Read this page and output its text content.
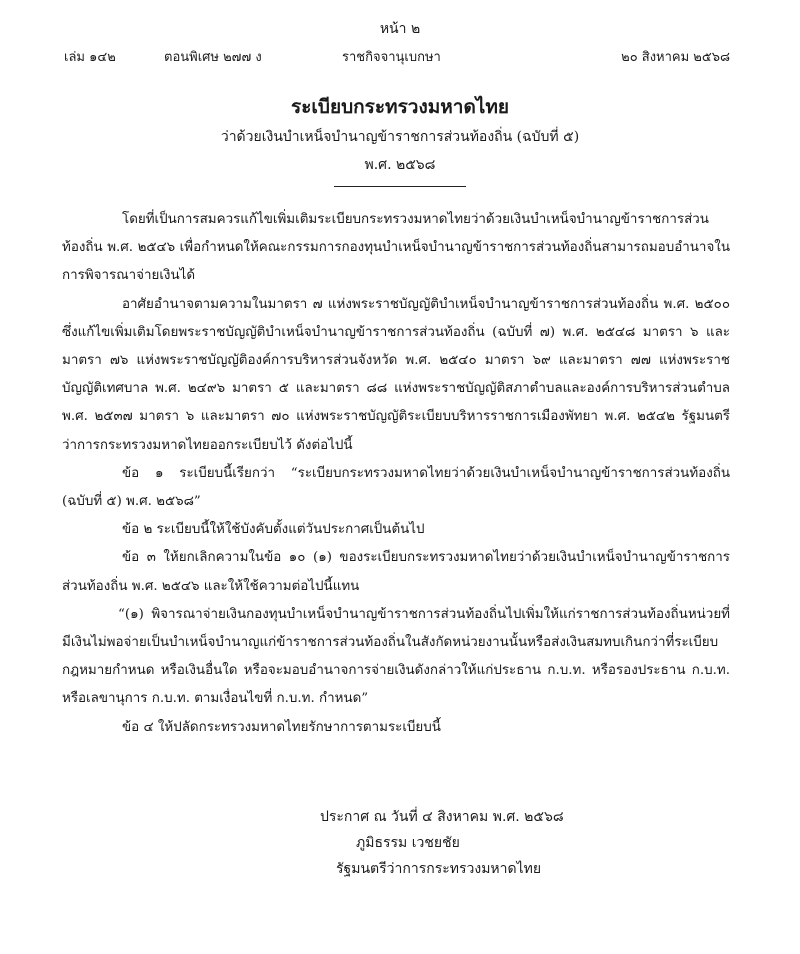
หน้า ๒
เล่ม ๑๔๒	ตอนพิเศษ ๒๗๗ ง	ราชกิจจานุเบกษา	๒๐ สิงหาคม ๒๕๖๘
ระเบียบกระทรวงมหาดไทย
ว่าด้วยเงินบำเหน็จบำนาญข้าราชการส่วนท้องถิ่น (ฉบับที่ ๕)
พ.ศ. ๒๕๖๘

โดยที่เป็นการสมควรแก้ไขเพิ่มเติมระเบียบกระทรวงมหาดไทยว่าด้วยเงินบำเหน็จบำนาญข้าราชการส่วนท้องถิ่น พ.ศ. ๒๕๔๖ เพื่อกำหนดให้คณะกรรมการกองทุนบำเหน็จบำนาญข้าราชการส่วนท้องถิ่นสามารถมอบอำนาจในการพิจารณาจ่ายเงินได้

อาศัยอำนาจตามความในมาตรา ๗ แห่งพระราชบัญญัติบำเหน็จบำนาญข้าราชการส่วนท้องถิ่น พ.ศ. ๒๕๐๐ ซึ่งแก้ไขเพิ่มเติมโดยพระราชบัญญัติบำเหน็จบำนาญข้าราชการส่วนท้องถิ่น (ฉบับที่ ๗) พ.ศ. ๒๕๔๘ มาตรา ๖ และมาตรา ๗๖ แห่งพระราชบัญญัติองค์การบริหารส่วนจังหวัด พ.ศ. ๒๕๔๐ มาตรา ๖๙ และมาตรา ๗๗ แห่งพระราชบัญญัติเทศบาล พ.ศ. ๒๔๙๖ มาตรา ๕ และมาตรา ๘๘ แห่งพระราชบัญญัติสภาตำบลและองค์การบริหารส่วนตำบล พ.ศ. ๒๕๓๗ มาตรา ๖ และมาตรา ๗๐ แห่งพระราชบัญญัติระเบียบบริหารราชการเมืองพัทยา พ.ศ. ๒๕๔๒ รัฐมนตรีว่าการกระทรวงมหาดไทยออกระเบียบไว้ ดังต่อไปนี้

ข้อ ๑ ระเบียบนี้เรียกว่า “ระเบียบกระทรวงมหาดไทยว่าด้วยเงินบำเหน็จบำนาญข้าราชการส่วนท้องถิ่น (ฉบับที่ ๕) พ.ศ. ๒๕๖๘”

ข้อ ๒ ระเบียบนี้ให้ใช้บังคับตั้งแต่วันประกาศเป็นต้นไป

ข้อ ๓ ให้ยกเลิกความในข้อ ๑๐ (๑) ของระเบียบกระทรวงมหาดไทยว่าด้วยเงินบำเหน็จบำนาญข้าราชการส่วนท้องถิ่น พ.ศ. ๒๕๔๖ และให้ใช้ความต่อไปนี้แทน

“(๑) พิจารณาจ่ายเงินกองทุนบำเหน็จบำนาญข้าราชการส่วนท้องถิ่นไปเพิ่มให้แก่ราชการส่วนท้องถิ่นหน่วยที่มีเงินไม่พอจ่ายเป็นบำเหน็จบำนาญแก่ข้าราชการส่วนท้องถิ่นในสังกัดหน่วยงานนั้นหรือส่งเงินสมทบเกินกว่าที่ระเบียบกฎหมายกำหนด หรือเงินอื่นใด หรือจะมอบอำนาจการจ่ายเงินดังกล่าวให้แก่ประธาน ก.บ.ท. หรือรองประธาน ก.บ.ท. หรือเลขานุการ ก.บ.ท. ตามเงื่อนไขที่ ก.บ.ท. กำหนด”

ข้อ ๔ ให้ปลัดกระทรวงมหาดไทยรักษาการตามระเบียบนี้

ประกาศ ณ วันที่ ๔ สิงหาคม พ.ศ. ๒๕๖๘
ภูมิธรรม เวชยชัย
รัฐมนตรีว่าการกระทรวงมหาดไทย
